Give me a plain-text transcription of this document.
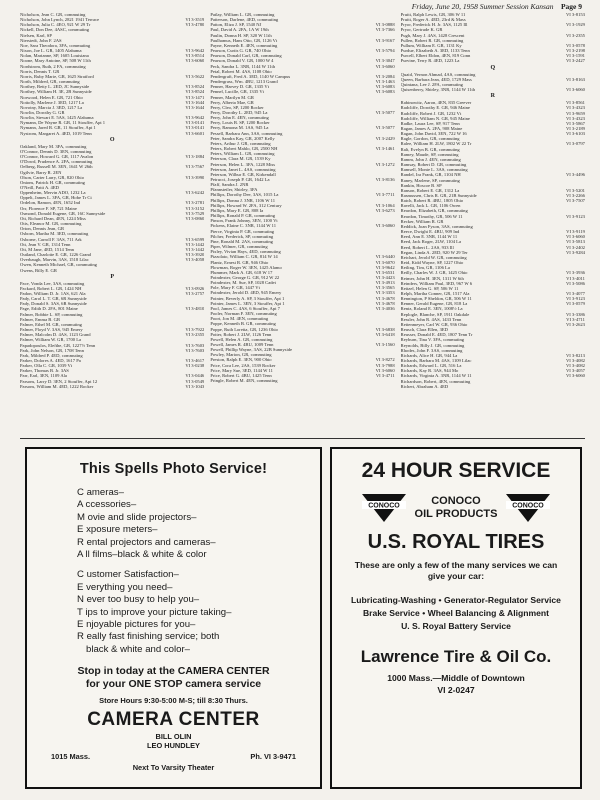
Friday, June 20, 1958 Summer Session Kansan Page 9
Nicholson, Jean C. GR, commuting
Nicholson, John Lynch, 2821 1941 Terrace	VI 3-3519
Nicholson, Julia C. 4EO, 921 W 29 Tr	VI 3-4780
Nickell, Don Dee, 4ASC, commuting
Nielsen, Karl, SP
Nierstedt, John F. 2AS
Noe, Sara Theodora, 3FA, commuting
Nixon, Joe L. GR, 1405 Alabama	VI 3-9642
Nolan, Marianne, SP, 1605 Louisiana	VI 3-8514
Noone, Mary Antoine, SP, 508 W 11th	VI 3-6060
Nordstrom, Ruth, 2 FA, commuting
Norris, Dennis T. GR
Norris, Ruby Marie, GR, 1625 Stratford	VI 3-5622
North, Mildred, GR, commuting
Northey, Betty L. 2ED, JC Sunnyside	VI 3-8524
Northey, William H. 3E, 2B Sunnyside	VI 3-8524
Norwood, Helen E. GR, 721 Ohio	VI 3-1471
Nottolly, Marlene J. 3ED, 1217 La	VI 3-1644
Novotny, Marcia J. 3ED, 1217 La	VI 3-1644
Nowlin, Dorothy G. GR
Nowlin, Stewart E. 5AS, 1425 Alabama	VI 3-9642
Nymann, De Wayne R. GR, 11 Stouffer, Apt 1	VI 3-0141
Nymann, Jared R. GR, 11 Stouffer, Apt 1	VI 3-0141
Nystrom, Margaret A. 4ED, 1019 Tenn	VI 3-6601
O
Oakland, Mary M. 3FA, commuting
O'Connor, Dennis D. 3EN, commuting
O'Connor, Howard G. GR, 1117 Avalon	VI 3-1884
O'Dowd, Prudence A. 2FA, commuting
Oelberg, Russell M. 3EN, 1641 W 26th	VI 3-7567
Ogilvie, Barry R. 2EN
Olson, Carter Larry, GR, 820 Ohio	VI 3-3990
Onions, Patrick H. GR, commuting
O'Neill, Patti A. 4ED
Oppenheim, Mervin ADO, 1232 La	VI 3-6242
Oppelt, James L. 3FA, GR, Hobe Tr Ct
Ordelon, Ramon, 4EN, 1652 Ind	VI 3-2781
Orr, Florence F. SP, 721 Maine	VI 3-3152
Osmond, Donald Eugene, GR, 16C Sunnyside	VI 3-7529
Ott, Richard Dean, 4EN, 1224 Miss	VI 3-0860
Otis, Eleanor M. GR, commuting
Orton, Dennis Jean, GR
Osborn, Martha M. 3ED, commuting
Osborne, Carroll F. 3AS, 711 Ark	VI 3-6599
Ott, Jean V. GR, 1314 Tenn	VI 3-1442
Ott, M Jane, 4ED, 1514 Tenn	VI 3-1442
Outland, Charlotte E. GR, 1226 Grand	VI 3-3920
Overbaugh, Marvin, 3AS, 1518 Lilac	VI 3-4058
Owen, Kenneth Michael, GR, commuting
Owens, Billy E. GR
P
Pace, Vonda Lee, 3AS, commuting
Packard, Robert L. GR, 1424 NH	VI 3-0926
Padon, William D. Jr. 1AS, 621 Ala	VI 3-2757
Pady, Carol L. T. GR, 6R Sunnyside
Pady, Donald S. 3AS, 6R Sunnyside
Page, Edith D. 2FA, 801 Maine	VI 3-4810
Palmer, Bobbie L. SP, commuting
Palmer, Emma B. GR
Palmer, Ethel M. GR, commuting
Palmer, Floyd V. 3AS, 945 Emery	VI 3-7922
Palmer, Malcolm D. 4AS, 1123 Grand	VI 3-2355
Palmer, William W. GR, 1700 La
Papadopoulos, Elefthe, GR, 1227½ Tenn	VI 3-7603
Park, John Nelson, GR, 1708 Tenn	VI 3-7603
Park, Mildred P. 4ED, commuting
Parker, Dolores A. 4ED, 1617 Pa	VI 3-4617
Parker, Olla C. GR, 1039 Vt	VI 3-0238
Parker, Thomas B. Jr. 3AS
Parr, Earl, 3EN, 1109 Ala	VI 3-0446
Parsons, Larry D. 3EN, 2 Stouffer, Apt 12	VI 3-0549
Parsons, William M. 4ED, 1222 Rocker	VI 3-1043
Patlay, William L. GR, commuting
Patterson, Darlene, 4ED, commuting
Patton, Eliza J. SP, 1540 NJ	VI 3-0888
Paul, David A. 2FA, 1A W 19th	VI 3-7366
Paulin, Donna H. SP, 320 W 11th
Paulhamus, Hans Otto, GR, 1126 Vt	VI 3-9167
Payne, Kenneth E. 4EN, commuting
Pearson, Curtis G. GR, 740 Ohio	VI 3-5794
Pearson, Donald Carl, GR, commuting
Pearson, Donald V. GR, 1000 W 4	VI 3-3047
Peck, Sandra L. 3NR, 1144 W 11th	VI 3-6060
Petal, Robert M. 4AS, 1108 Ohio
Pendergraft, Fred A. 3ED, 1140 W Campus	VI 3-2084
Pendergrass, Wm. 4BU, 1213 Grand	VI 3-1463
Penner, Harvey D. GR, 1335 Vt	VI 3-6083
Pennel, Lucille, GR, 1335 Vt	VI 3-6083
Penner, Marilyn M. GR
Perry, Alberta Mae, GR
Perry, Cleo, SP, 1200 Rocker
Perry, Dorothy L. 2ED, 945 La	VI 3-5077
Perry, John E. 4EN, commuting
Perry, Louis B. SP, 1200 Rocker
Perry, Ramona M. 1AS, 945 La	VI 3-5077
Pessell, Barbara Ann, 3AS, commuting
Peter, Sandra Kay, GR, 2007 Kelly	VI 3-2429
Peters, Arthur J. GR, commuting
Peters, Robert Mahlo, GR, 2500 NH	VI 3-1461
Peters, William L. GR, commuting
Peterson, Clara M. GR, 1539 Ky
Peterson, Helen L. 3FA, 1228 Miss	VI 3-1272
Peterson, Janet L. 4AS, commuting
Peterson, Wilbur E. GR, Kirkendall
Petrucci, Joseph P. GR, 1642 La	VI 3-8136
Pfaff, Sandra J. 2NR
Pfannsteiler, Shirley, 3FA
Phillips, Dorothy Dee, 3AS, 1015 La	VI 3-7711
Phillips, Donna J. 3NR, 1106 W 11
Phillips, Howard W. 2FA, 312 Century	VI 3-1064
Phillips, Mary E. GR, 808 Ia	VI 3-6273
Phillips, Ronald P. GR, commuting
Pinson, Frank Johnny, 3EN, 1100 Vt
Pickens, Elaine C. 3NR, 1144 W 11	VI 3-6060
Pierce, Virginia P. GR, commuting
Pilcher, Frederick, SP, commuting
Pine, Ronald M. 2AS, commuting
Piper, Wilmer, GR, commuting
Pixley, Vivian Hays, 4ED, commuting
Pizzolato, William C. GR, 814 W 14	VI 3-6440
Plantz, Ernest R. GR, 946 Ohio	VI 3-6070
Plowman, Roger W. 3EN, 1425 Alamo	VI 3-9642
Plummer, Mark A. GR, 618 W 17	VI 3-6531
Poindexter, George G. GR, 912 W 22	VI 3-4423
Poindexter, M. Sue, SP, 1028 Cadet	VI 3-4913
Pole, Mary F. GR, 1447 Vt	VI 3-3565
Poindexter, Jerold D. 4ED, 945 Emery	VI 3-3353
Pointer, Beverly A. SP, 3 Stouffer, Apt 1	VI 3-4678
Pointer, James L. 3EN, 3 Stouffer, Apt 1	VI 3-4678
Pool, James C. 4AS, 6 Stouffer, Apt 7	VI 3-4036
Pooler, Norman F. 3EN, commuting
Poort, Jon M. 4EN, commuting
Poppe, Kenneth B. GR, commuting
Poppe, Ruth Loretta, GR, 1236 Ohio	VI 3-6838
Potter, Robert J. 2LW, 1126 Tenn	VI 3-6418
Powell, Helen A. GR, commuting
Powell, James R. 4BU, 1009 Tenn	VI 3-1560
Powell, Phillip Wayne, 3AS, 22B Sunnyside
Powley, Marion, GR, commuting
Preston, Ralph E. 3EN, 900 Ohio	VI 3-8272
Price, Cora Lee, 2AS, 1539 Rocker	VI 3-7988
Price, Mary Sue, 3ED, 1144 W 11	VI 3-6060
Price, Robert G. 4BU, 1425 Tenn	VI 3-4711
Pringle, Robert M. 4EN, commuting
Pruitt, Ralph Lewis, GR, 306 W 11	VI 3-8153
Pruitt, Roger A. 4ED, 23rd & Mass
Pryor, Frederick H. Jr. 3AS, 1125 Ill	VI 3-1929
Pryor, Gertrude K. GR
Pugh, Mary J. 4AS, 1428 Crescent	VI 3-2355
Pullen, Robert R. GR, commuting
Pullum, William E. GR, 1131 Ky	VI 3-0578
Purdue, Elizabeth A. 3ED, 1133 Tenn	VI 3-2198
Purcell, Elbert Eldon, 4EN, 819 Conn	VI 3-1591
Purvine, Terry R. 4ED, 1223 La	VI 3-2427
Q
Quaid, Vernon Ahmad, 4AS, commuting
Queen, Barbara Jean, 4ED, 1729 Mass	VI 3-8163
Quintana, Lee J. 2FA, commuting
Quisenberry, Shirley, 3NR, 1144 W 11th	VI 3-6060
R
Rabinowitz, Aaron, 4EN, 835 Greever	VI 3-8561
Radcliffe, Dorothy E. GR, 946 Maine	VI 3-4323
Radcliffe, Robert J. GR, 1232 Vt	VI 3-9659
Radcliffe, William N. GR, 945 Maine	VI 3-4323
Radke, Laura Lee, SP, 917 Tenn	VI 3-5867
Ragan, James A. 2FA, 908 Maine	VI 3-2189
Ragan, John David, 3EN, 722 W 16	VI 3-6103
Ragle, Gordon, GR, commuting
Ralee, William H. 2LW, 1802 W 22 Tr	VI 3-0797
Ralt, Evelyn B. GR, commuting
Ramey, Maude, SP, commuting
Ramm, John J. 4EN, commuting
Ramsay, Robert D. GR, commuting
Ramsell, Monte L. 3AS, commuting
Randel, Ira Frank, GR, 1104 NH	VI 3-4496
Raney, Marlene, SP, commuting
Rankin, Hoscoe B. SP
Ranson, Robert E. GR, 1312 La	VI 3-5201
Rasmussen, Chris R. GR, 21B Sunnyside	VI 3-2266
Ratch, Robert R. 4BU, 1805 Ohio	VI 3-7507
Ravelli, Jack L. GR, 1106 Owen
Reardon, Elizabeth, GR, commuting
Reardon, Timothy, GR, 506 W 11	VI 3-9123
Recker, William R. GR
Reddick, Joan Fyson, 3AS, commuting
Reece, Dwight E. 4BU, 909 Ind	VI 3-9119
Reed, Ann E. 3NR, 1144 W 11	VI 3-6060
Reed, Jack Roger, 2LW, 1104 La	VI 3-5813
Reed, Robert L. 2AS, 933 Ill	VI 3-2402
Regan, Linda A. 2ED, 920 W 29 Ter	VI 3-9284
Reichart, Jerold W. GR, commuting
Reid, Kidd Wayne, SP, 1227 Ohio
Reiling, Tim, GR, 1106 La
Reilly, Charles W. J. GR, 1425 Ohio	VI 3-3936
Reimer, John H. 3EN, 1311 W 6th	VI 3-4011
Reinders, William Paul, 3ED, 967 W 6	VI 3-5086
Reitzel, Helen G. SP, 506 W 11
Relph, Martha Conner, GR, 1517 Ala	VI 3-4077
Rennington, P Sheldon, GR, 506 W 11	VI 3-9123
Renner, Gerald Eugene, GR, 818 La	VI 3-0579
Rentz, Roland E. 3EN, 1008½ La
Replogle, Blanche, SP, 1911 Oakdale	VI 3-3386
Ressler, John R. 4AS, 1433 Tenn	VI 3-4711
Rettenmeyer, Carl W. GR, 936 Ohio	VI 3-2623
Reusch, Clara Ellen, 3ED
Reusser, Donald E. 4ED, 1807 Tenn Tr
Reyburn, Tina V. 3FA, commuting
Reynolds, Billy J. GR, commuting
Rhodes, John F. 3AS, commuting
Richards, Alice H. GR, 944 La	VI 3-8213
Richards, Barbara M. 4AS, 1109 Lilac	VI 3-4082
Richards, Edward L. GR, 516 La	VI 3-4082
Richards, Kay R. 3AS, 944 Mo	VI 3-4057
Richards, Virginia A. 3NR, 1144 W 11	VI 3-6060
Richardson, Robert, 4EN, commuting
Richert, Abraham A. 4ED
This Spells Photo Service!
C ameras–
A ccessories–
M ovie and slide projectors–
E xposure meters–
R ental projectors and cameras–
A ll films–black & white & color
C ustomer Satisfaction–
E verything you need–
N ever too busy to help you–
T ips to improve your picture taking–
E njoyable pictures for you–
R eally fast finishing service; both
black & white and color–
Stop in today at the CAMERA CENTER
for your ONE STOP camera service
Store Hours 9:30-5:00 M-S; till 8:30 Thurs.
CAMERA CENTER
BILL OLIN
LEO HUNDLEY
1015 Mass.	Ph. VI 3-9471
Next To Varsity Theater
24 HOUR SERVICE
CONOCO	CONOCO
OIL PRODUCTS
CONOCO
U.S. ROYAL TIRES
These are only a few of the many services we can
give your car:
Lubricating-Washing • Generator-Regulator Service
Brake Service • Wheel Balancing & Alignment
U. S. Royal Battery Service
Lawrence Tire & Oil Co.
1000 Mass.—Middle of Downtown
VI 2-0247
